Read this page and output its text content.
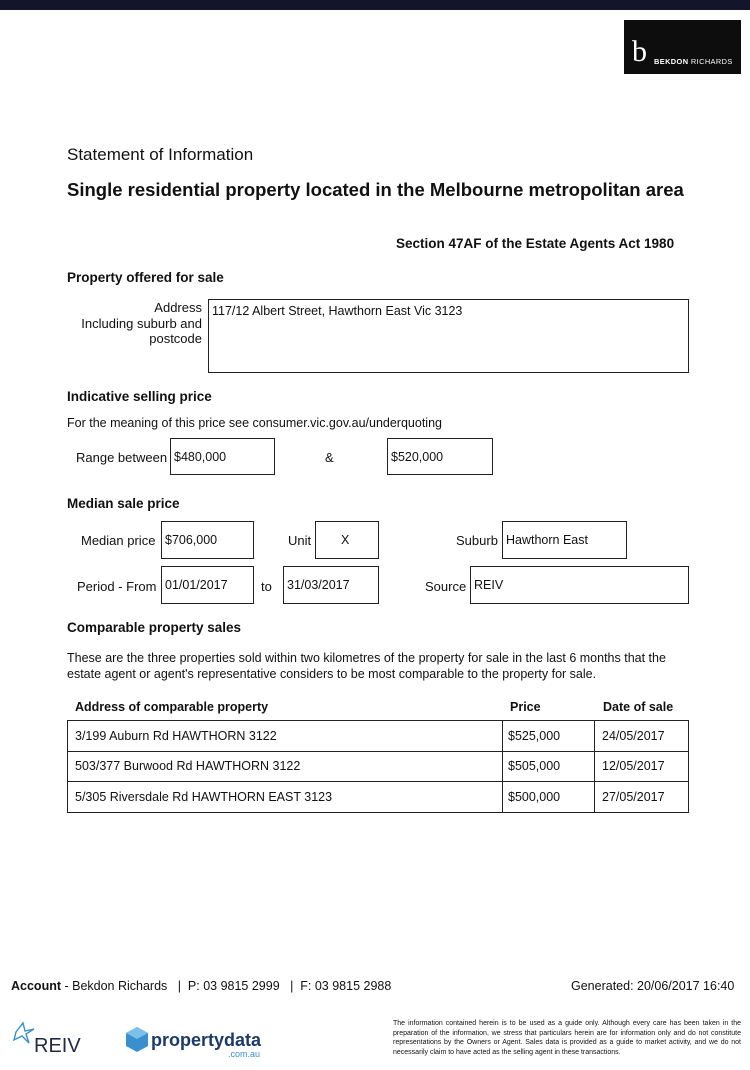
b BEKDON RICHARDS
Statement of Information
Single residential property located in the Melbourne metropolitan area
Section 47AF of the Estate Agents Act 1980
Property offered for sale
Address
Including suburb and
postcode
117/12 Albert Street, Hawthorn East Vic 3123
Indicative selling price
For the meaning of this price see consumer.vic.gov.au/underquoting
Range between $480,000	&	$520,000
Median sale price
Median price $706,000	Unit	X	Suburb Hawthorn East
Period - From 01/01/2017	to	31/03/2017	Source REIV
Comparable property sales
These are the three properties sold within two kilometres of the property for sale in the last 6 months that the estate agent or agent's representative considers to be most comparable to the property for sale.
Address of comparable property	Price	Date of sale
3/199 Auburn Rd HAWTHORN 3122	$525,000	24/05/2017
503/377 Burwood Rd HAWTHORN 3122	$505,000	12/05/2017
5/305 Riversdale Rd HAWTHORN EAST 3123	$500,000	27/05/2017
Account - Bekdon Richards   |  P: 03 9815 2999   |  F: 03 9815 2988	Generated: 20/06/2017 16:40
REIV	propertydata
.com.au
The information contained herein is to be used as a guide only. Although every care has been taken in the preparation of the information, we stress that particulars herein are for information only and do not constitute representations by the Owners or Agent. Sales data is provided as a guide to market activity, and we do not necessarily claim to have acted as the selling agent in these transactions.
